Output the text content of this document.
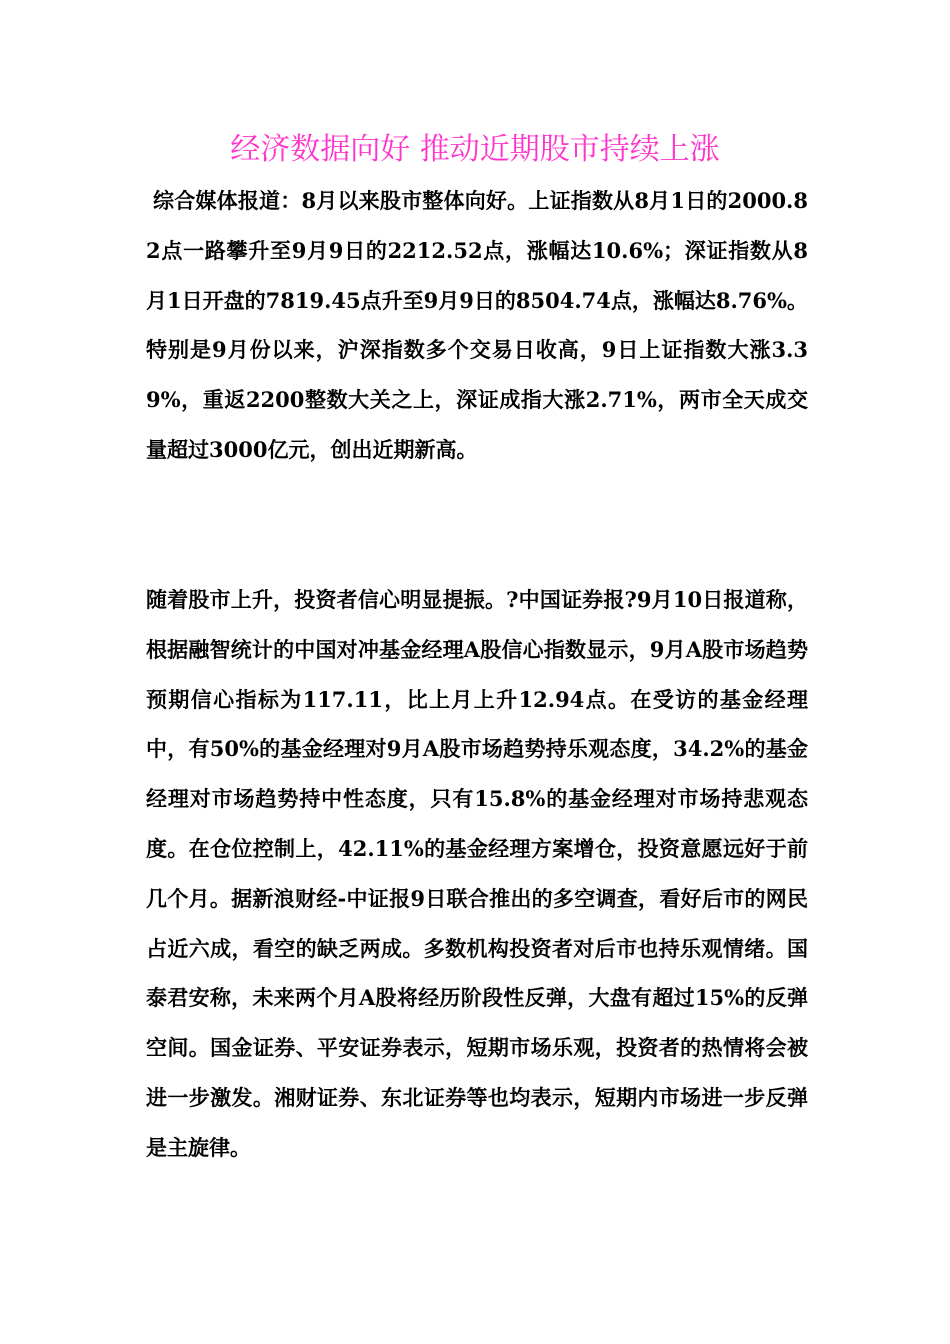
经济数据向好 推动近期股市持续上涨
综合媒体报道：8月以来股市整体向好。上证指数从8月1日的2000.82点一路攀升至9月9日的2212.52点，涨幅达10.6%；深证指数从8月1日开盘的7819.45点升至9月9日的8504.74点，涨幅达8.76%。特别是9月份以来，沪深指数多个交易日收高，9日上证指数大涨3.39%，重返2200整数大关之上，深证成指大涨2.71%，两市全天成交量超过3000亿元，创出近期新高。
随着股市上升，投资者信心明显提振。?中国证券报?9月10日报道称，根据融智统计的中国对冲基金经理A股信心指数显示，9月A股市场趋势预期信心指标为117.11，比上月上升12.94点。在受访的基金经理中，有50%的基金经理对9月A股市场趋势持乐观态度，34.2%的基金经理对市场趋势持中性态度，只有15.8%的基金经理对市场持悲观态度。在仓位控制上，42.11%的基金经理方案增仓，投资意愿远好于前几个月。据新浪财经-中证报9日联合推出的多空调查，看好后市的网民占近六成，看空的缺乏两成。多数机构投资者对后市也持乐观情绪。国泰君安称，未来两个月A股将经历阶段性反弹，大盘有超过15%的反弹空间。国金证券、平安证券表示，短期市场乐观，投资者的热情将会被进一步激发。湘财证券、东北证券等也均表示，短期内市场进一步反弹是主旋律。
